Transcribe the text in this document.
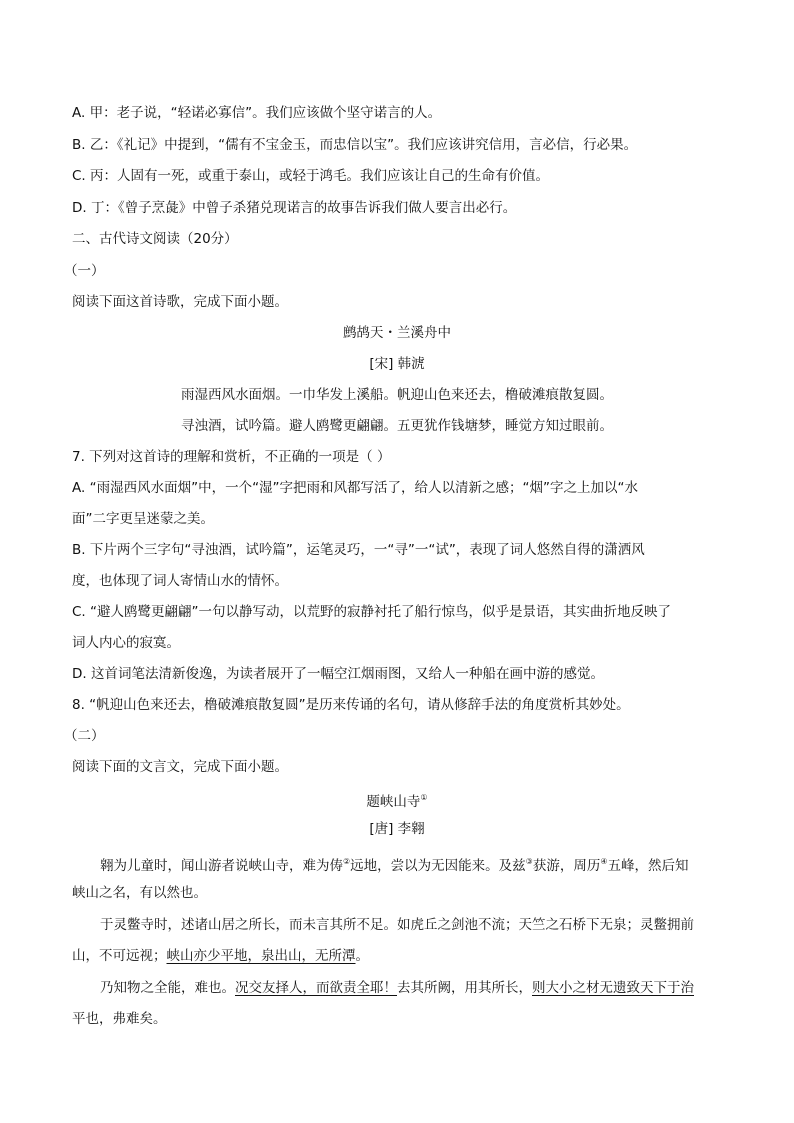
A. 甲：老子说，“轻诺必寡信”。我们应该做个坚守诺言的人。
B. 乙：《礼记》中提到，“儒有不宝金玉，而忠信以宝”。我们应该讲究信用，言必信，行必果。
C. 丙：人固有一死，或重于泰山，或轻于鸿毛。我们应该让自己的生命有价值。
D. 丁：《曾子烹彘》中曾子杀猪兑现诺言的故事告诉我们做人要言出必行。
二、古代诗文阅读（20分）
（一）
阅读下面这首诗歌，完成下面小题。
鹧鸪天・兰溪舟中
[宋] 韩淲
雨湿西风水面烟。一巾华发上溪船。帆迎山色来还去，橹破滩痕散复圆。
寻浊酒，试吟篇。避人鸥鹭更翩翩。五更犹作钱塘梦，睡觉方知过眼前。
7. 下列对这首诗的理解和赏析，不正确的一项是（ ）
A. “雨湿西风水面烟”中，一个“湿”字把雨和风都写活了，给人以清新之感；“烟”字之上加以“水
面”二字更呈迷蒙之美。
B. 下片两个三字句“寻浊酒，试吟篇”，运笔灵巧，一“寻”一“试”，表现了词人悠然自得的潇洒风
度，也体现了词人寄情山水的情怀。
C. “避人鸥鹭更翩翩”一句以静写动，以荒野的寂静衬托了船行惊鸟，似乎是景语，其实曲折地反映了
词人内心的寂寞。
D. 这首词笔法清新俊逸，为读者展开了一幅空江烟雨图，又给人一种船在画中游的感觉。
8. “帆迎山色来还去，橹破滩痕散复圆”是历来传诵的名句，请从修辞手法的角度赏析其妙处。
（二）
阅读下面的文言文，完成下面小题。
题峡山寺①
[唐] 李翱
翱为儿童时，闻山游者说峡山寺，难为俦②远地，尝以为无因能来。及兹③获游，周历④五峰，然后知
峡山之名，有以然也。
于灵鳖寺时，述诸山居之所长，而未言其所不足。如虎丘之剑池不流；天竺之石桥下无泉；灵鳖拥前
山，不可远视；峡山亦少平地，泉出山，无所潭。
乃知物之全能，难也。况交友择人，而欲责全耶！去其所阙，用其所长，则大小之材无遗致天下于治
平也，弗难矣。
